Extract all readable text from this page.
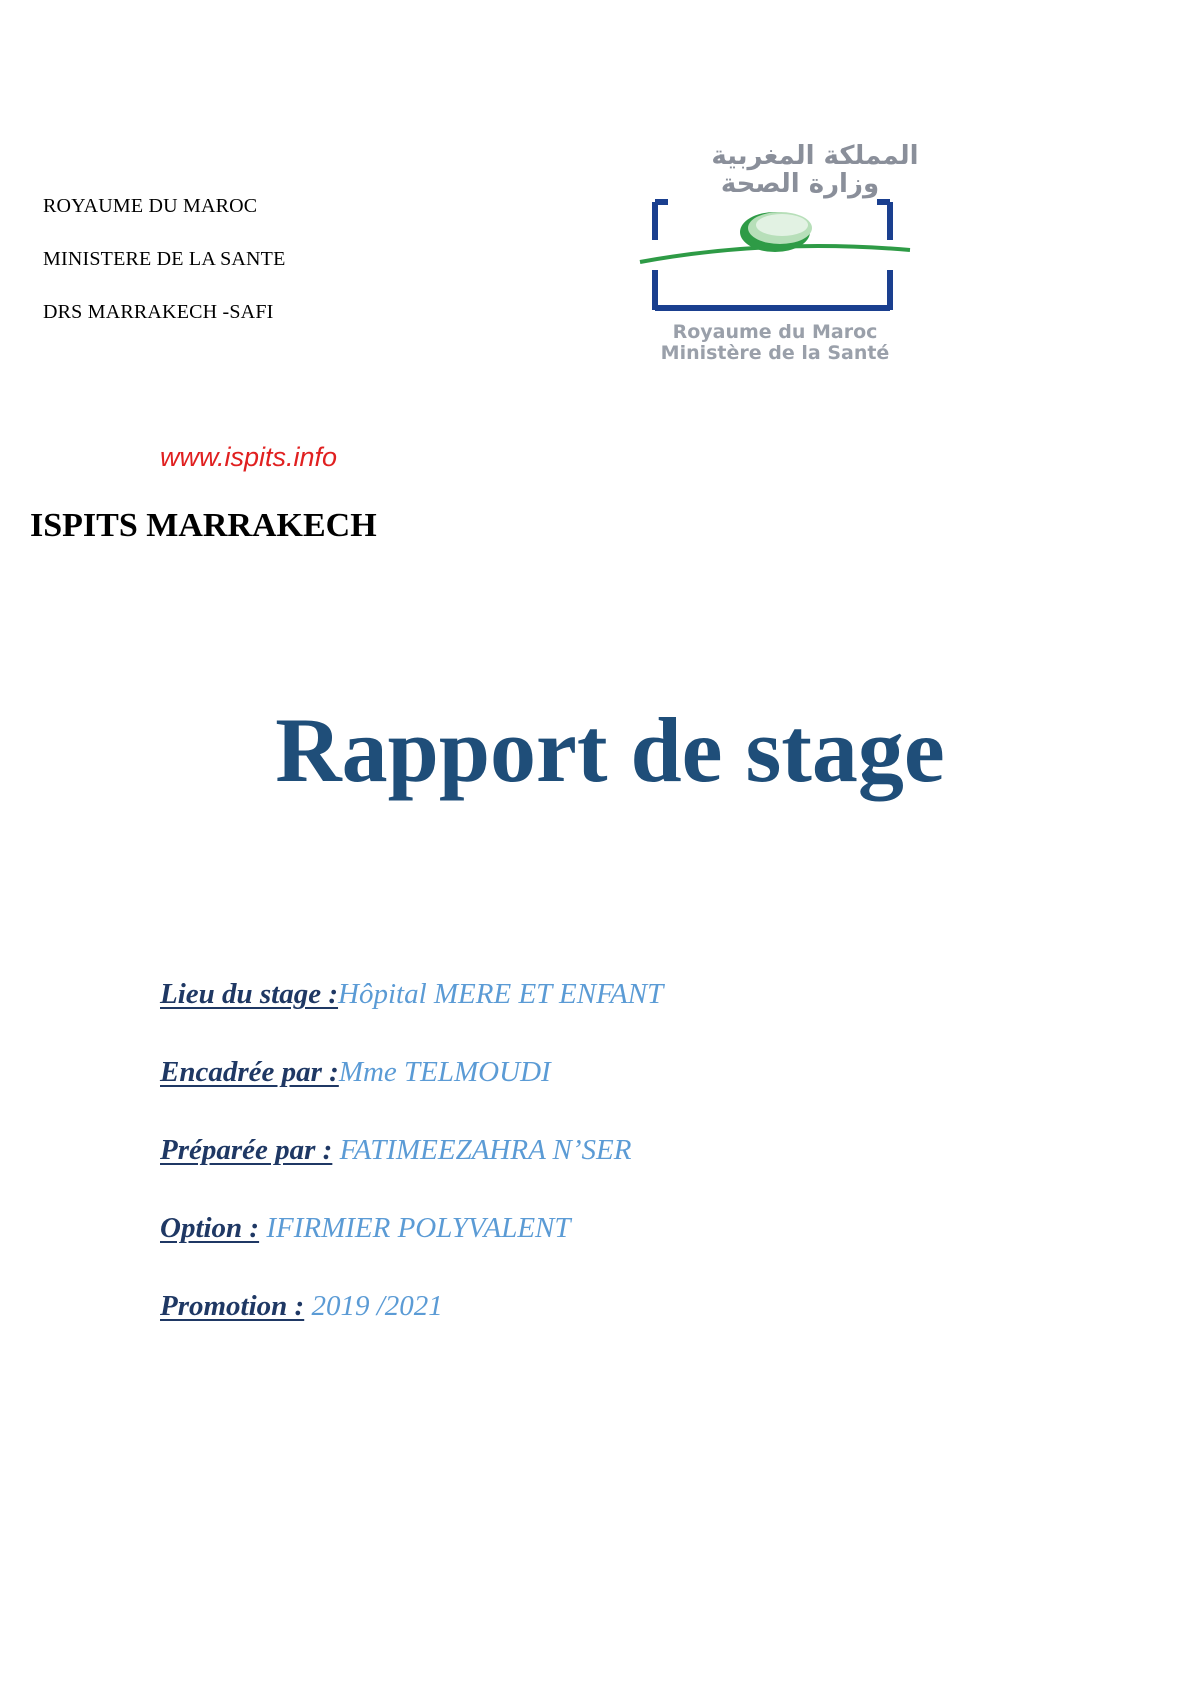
ROYAUME DU MAROC
MINISTERE DE LA SANTE
DRS MARRAKECH -SAFI
المملكة المغربية
وزارة الصحة
Royaume du Maroc
Ministère de la Santé
www.ispits.info
ISPITS MARRAKECH
Rapport de stage
Lieu du stage :Hôpital MERE ET ENFANT
Encadrée par :Mme TELMOUDI
Préparée par : FATIMEEZAHRA N’SER
Option : IFIRMIER POLYVALENT
Promotion : 2019 /2021
